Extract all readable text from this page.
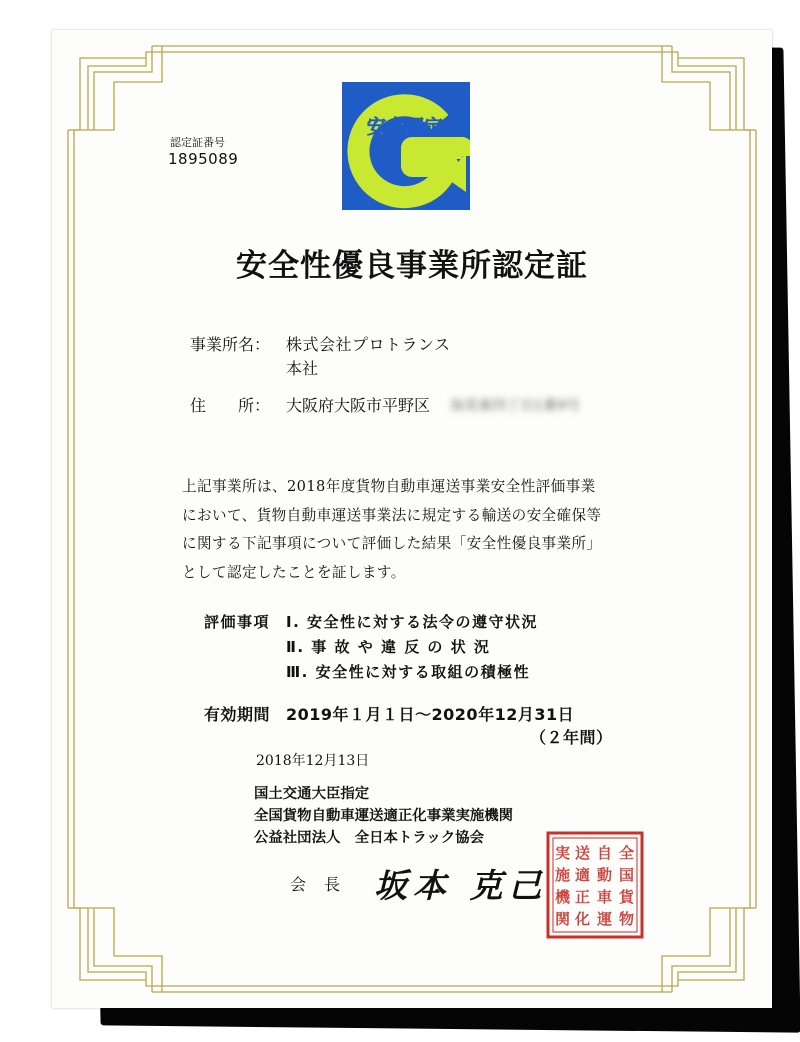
認定証番号
1895089
安全認定
安全性優良事業所認定証
事業所名： 株式会社プロトランス
本社
住　　所： 大阪府大阪市平野区 加美東四丁目1番9号
上記事業所は、2018年度貨物自動車運送事業安全性評価事業
において、貨物自動車運送事業法に規定する輸送の安全確保等
に関する下記事項について評価した結果「安全性優良事業所」
として認定したことを証します。
評価事項 Ⅰ. 安全性に対する法令の遵守状況
Ⅱ. 事 故 や 違 反 の 状 況
Ⅲ. 安全性に対する取組の積極性
有効期間 2019年１月１日～2020年12月31日
（２年間）
2018年12月13日
国土交通大臣指定
全国貨物自動車運送適正化事業実施機関
公益社団法人　全日本トラック協会
会長 坂本 克己
全
国
貨
物
自
動
車
運
送
適
正
化
実
施
機
関
